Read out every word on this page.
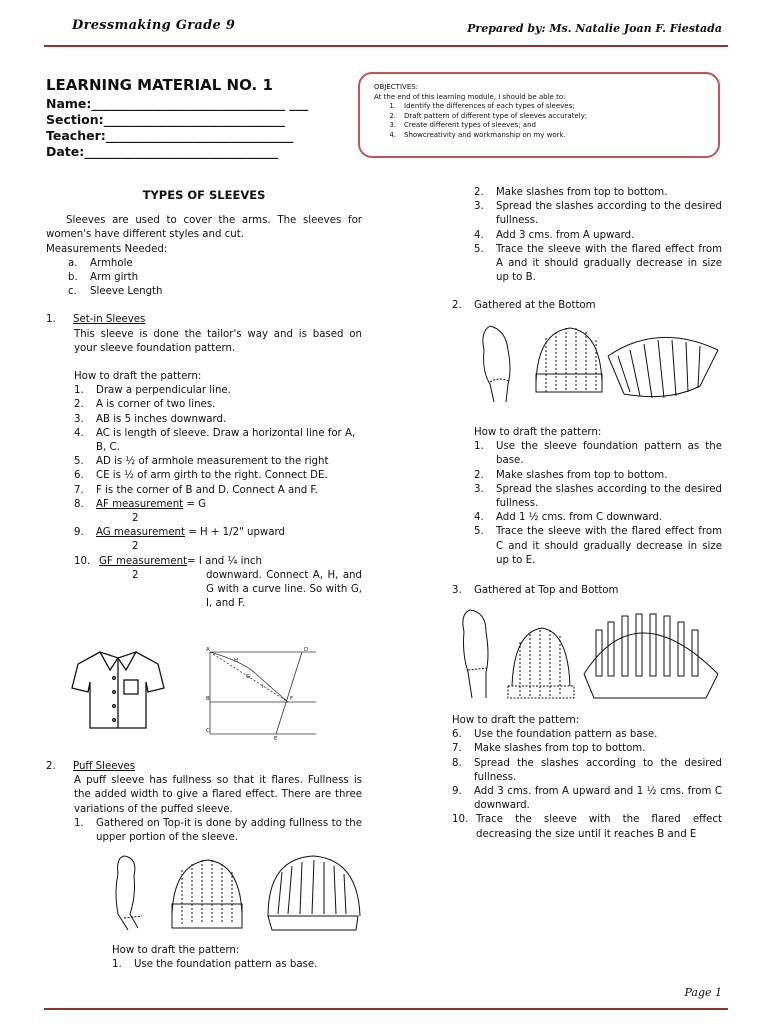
Dressmaking Grade 9	Prepared by: Ms. Natalie Joan F. Fiestada
LEARNING MATERIAL NO. 1
Name:_______________________________ ___
Section:_____________________________
Teacher:______________________________
Date:_______________________________
OBJECTIVES:
At the end of this learning module, I should be able to:
1.	Identify the differences of each types of sleeves;
2.	Draft pattern of different type of sleeves accurately;
3.	Create different types of sleeves; and
4.	Showcreativity and workmanship on my work.
TYPES OF SLEEVES
Sleeves are used to cover the arms. The sleeves for women's have different styles and cut.
Measurements Needed:
a.	Armhole
b.	Arm girth
c.	Sleeve Length
1.	Set-in Sleeves
This sleeve is done the tailor's way and is based on your sleeve foundation pattern.
How to draft the pattern:
1.	Draw a perpendicular line.
2.	A is corner of two lines.
3.	AB is 5 inches downward.
4.	AC is length of sleeve. Draw a horizontal line for A, B, C.
5.	AD is ½ of armhole measurement to the right
6.	CE is ½ of arm girth to the right. Connect DE.
7.	F is the corner of B and D. Connect A and F.
8.	AF measurement = G
2
9.	AG measurement = H + 1/2" upward
2
10. GF measurement= I and ¼ inch
2	downward. Connect A, H, and G with a curve line. So with G, I, and F.
A
H
G
D
B	F
I
C
E
2.	Puff Sleeves
A puff sleeve has fullness so that it flares. Fullness is the added width to give a flared effect. There are three variations of the puffed sleeve.
1.	Gathered on Top-it is done by adding fullness to the upper portion of the sleeve.
How to draft the pattern:
1.	Use the foundation pattern as base.
2.	Make slashes from top to bottom.
3.	Spread the slashes according to the desired fullness.
4.	Add 3 cms. from A upward.
5.	Trace the sleeve with the flared effect from A and it should gradually decrease in size up to B.
2.	Gathered at the Bottom
How to draft the pattern:
1.	Use the sleeve foundation pattern as the base.
2.	Make slashes from top to bottom.
3.	Spread the slashes according to the desired fullness.
4.	Add 1 ½ cms. from C downward.
5.	Trace the sleeve with the flared effect from C and it should gradually decrease in size up to E.
3.	Gathered at Top and Bottom
How to draft the pattern:
6.	Use the foundation pattern as base.
7.	Make slashes from top to bottom.
8.	Spread the slashes according to the desired fullness.
9.	Add 3 cms. from A upward and 1 ½ cms. from C downward.
10. Trace the sleeve with the flared effect decreasing the size until it reaches B and E
Page 1
